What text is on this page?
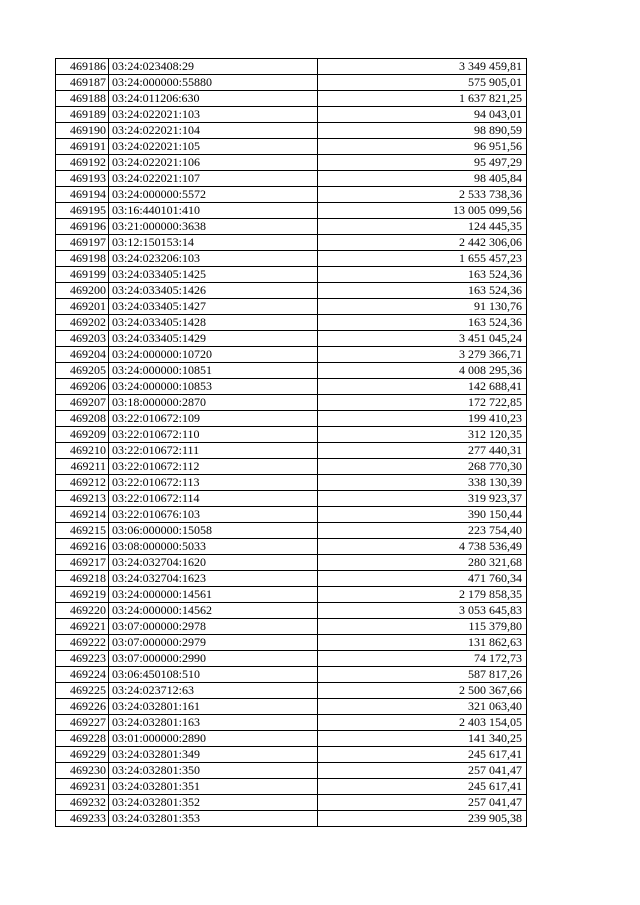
469186	03:24:023408:29	3 349 459,81
469187	03:24:000000:55880	575 905,01
469188	03:24:011206:630	1 637 821,25
469189	03:24:022021:103	94 043,01
469190	03:24:022021:104	98 890,59
469191	03:24:022021:105	96 951,56
469192	03:24:022021:106	95 497,29
469193	03:24:022021:107	98 405,84
469194	03:24:000000:5572	2 533 738,36
469195	03:16:440101:410	13 005 099,56
469196	03:21:000000:3638	124 445,35
469197	03:12:150153:14	2 442 306,06
469198	03:24:023206:103	1 655 457,23
469199	03:24:033405:1425	163 524,36
469200	03:24:033405:1426	163 524,36
469201	03:24:033405:1427	91 130,76
469202	03:24:033405:1428	163 524,36
469203	03:24:033405:1429	3 451 045,24
469204	03:24:000000:10720	3 279 366,71
469205	03:24:000000:10851	4 008 295,36
469206	03:24:000000:10853	142 688,41
469207	03:18:000000:2870	172 722,85
469208	03:22:010672:109	199 410,23
469209	03:22:010672:110	312 120,35
469210	03:22:010672:111	277 440,31
469211	03:22:010672:112	268 770,30
469212	03:22:010672:113	338 130,39
469213	03:22:010672:114	319 923,37
469214	03:22:010676:103	390 150,44
469215	03:06:000000:15058	223 754,40
469216	03:08:000000:5033	4 738 536,49
469217	03:24:032704:1620	280 321,68
469218	03:24:032704:1623	471 760,34
469219	03:24:000000:14561	2 179 858,35
469220	03:24:000000:14562	3 053 645,83
469221	03:07:000000:2978	115 379,80
469222	03:07:000000:2979	131 862,63
469223	03:07:000000:2990	74 172,73
469224	03:06:450108:510	587 817,26
469225	03:24:023712:63	2 500 367,66
469226	03:24:032801:161	321 063,40
469227	03:24:032801:163	2 403 154,05
469228	03:01:000000:2890	141 340,25
469229	03:24:032801:349	245 617,41
469230	03:24:032801:350	257 041,47
469231	03:24:032801:351	245 617,41
469232	03:24:032801:352	257 041,47
469233	03:24:032801:353	239 905,38
